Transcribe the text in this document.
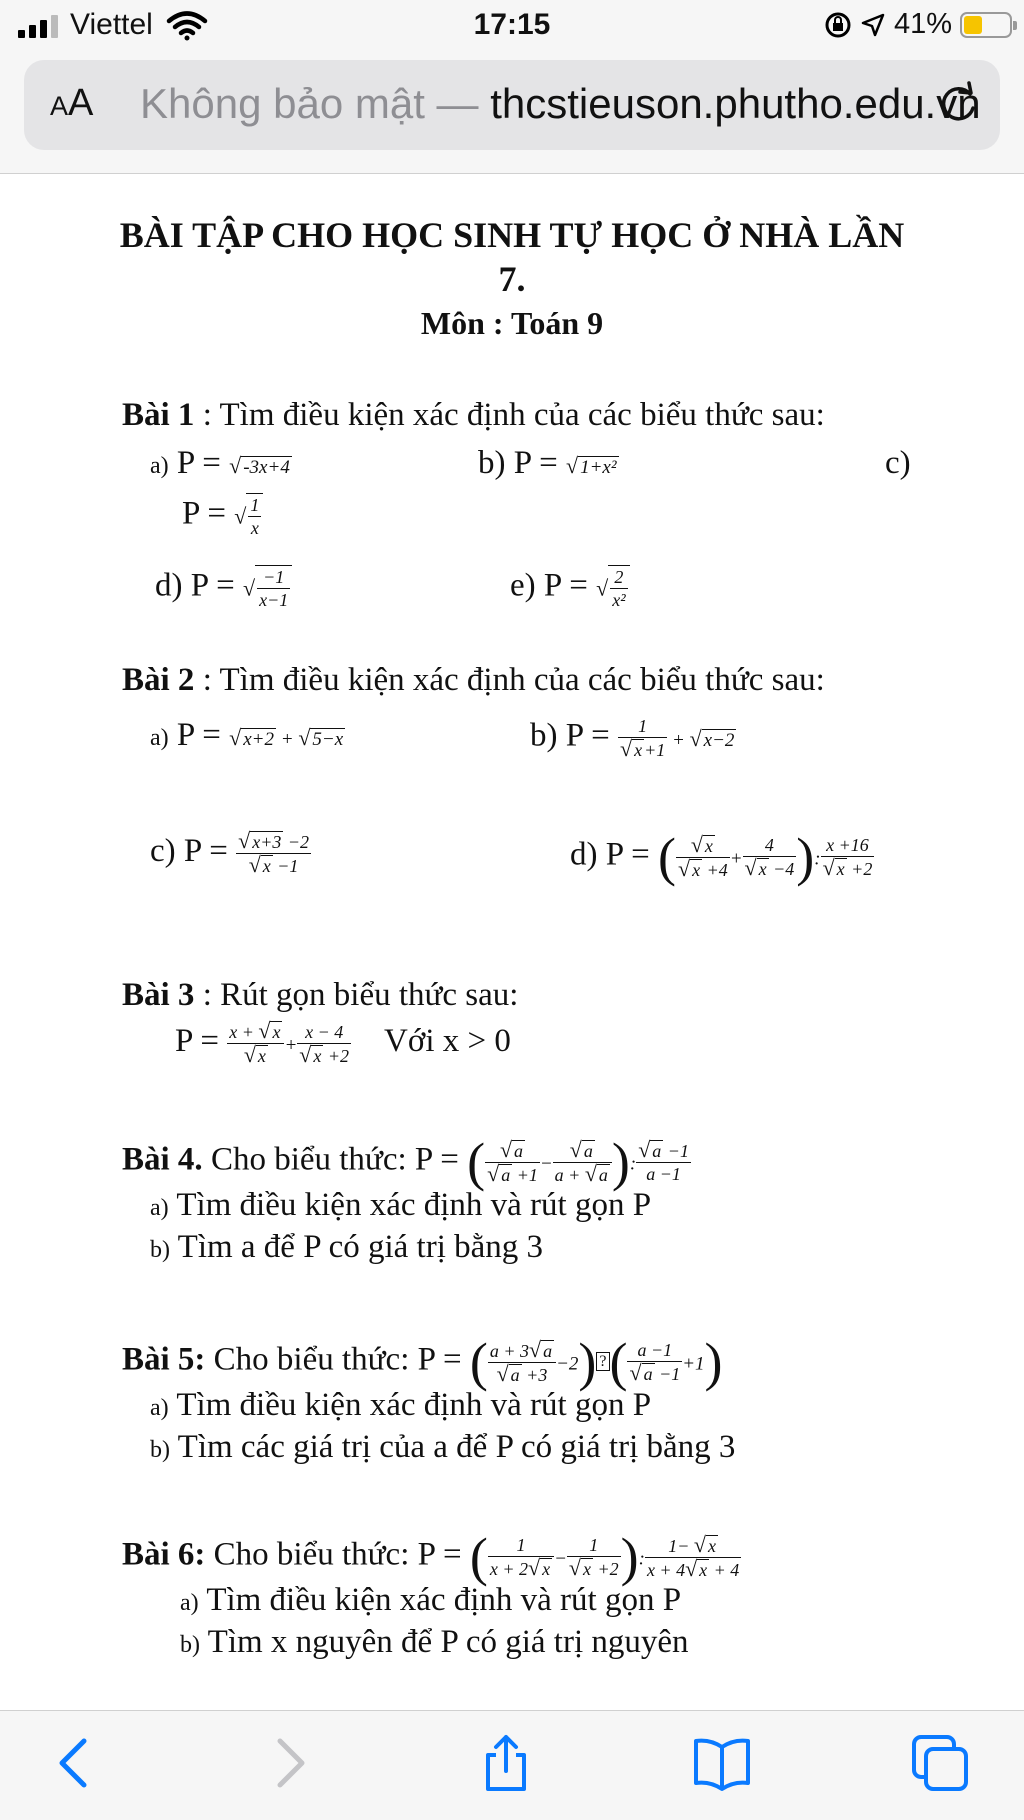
Viettel	17:15	41%
AA Không bảo mật — thcstieuson.phutho.edu.vn
BÀI TẬP CHO HỌC SINH TỰ HỌC Ở NHÀ LẦN 7.
Môn : Toán 9
Bài 1 : Tìm điều kiện xác định của các biểu thức sau:
a) P = √ -3x+4	b) P = √ 1+x²	c)
P = √ $\frac{1}{x}$
d) P = √ $\frac{-1}{x-1}$	e) P = √ $\frac{2}{\text{x²}}$
Bài 2 : Tìm điều kiện xác định của các biểu thức sau:
a) P = √ x+2 + √ 5−x	b) $P = \frac{1}{√ x +1}$ + √ x−2
c) $P = \frac{√ x+3 -2}{√ x -1}$	d) P = ( $\frac{√ x}{√ x +4} + \frac{4}{√ x -4}$ ): $\frac{x +16}{√ x +2}$
Bài 3 : Rút gọn biểu thức sau:
$P = \frac{x + √ x}{√ x} + \frac{x - 4}{√ x +2}$ Với x > 0
Bài 4. Cho biểu thức: P = ( $\frac{√ a}{√ a +1} - \frac{√ a}{a + √ a}$ ): $\frac{√ a -1}{a -1}$
a) Tìm điều kiện xác định và rút gọn P
b) Tìm a để P có giá trị bằng 3
Bài 5: Cho biểu thức: P = ( $\frac{a + 3√ a}{√ a +3} -2$) ?( $\frac{a -1}{√ a -1} +1$)
a) Tìm điều kiện xác định và rút gọn P
b) Tìm các giá trị của a để P có giá trị bằng 3
Bài 6: Cho biểu thức: P = ( $\frac{1}{x + 2√ x} - \frac{1}{√ x +2}$ ): $\frac{1- √ x}{x + 4√ x + 4}$
a) Tìm điều kiện xác định và rút gọn P
b) Tìm x nguyên để P có giá trị nguyên
